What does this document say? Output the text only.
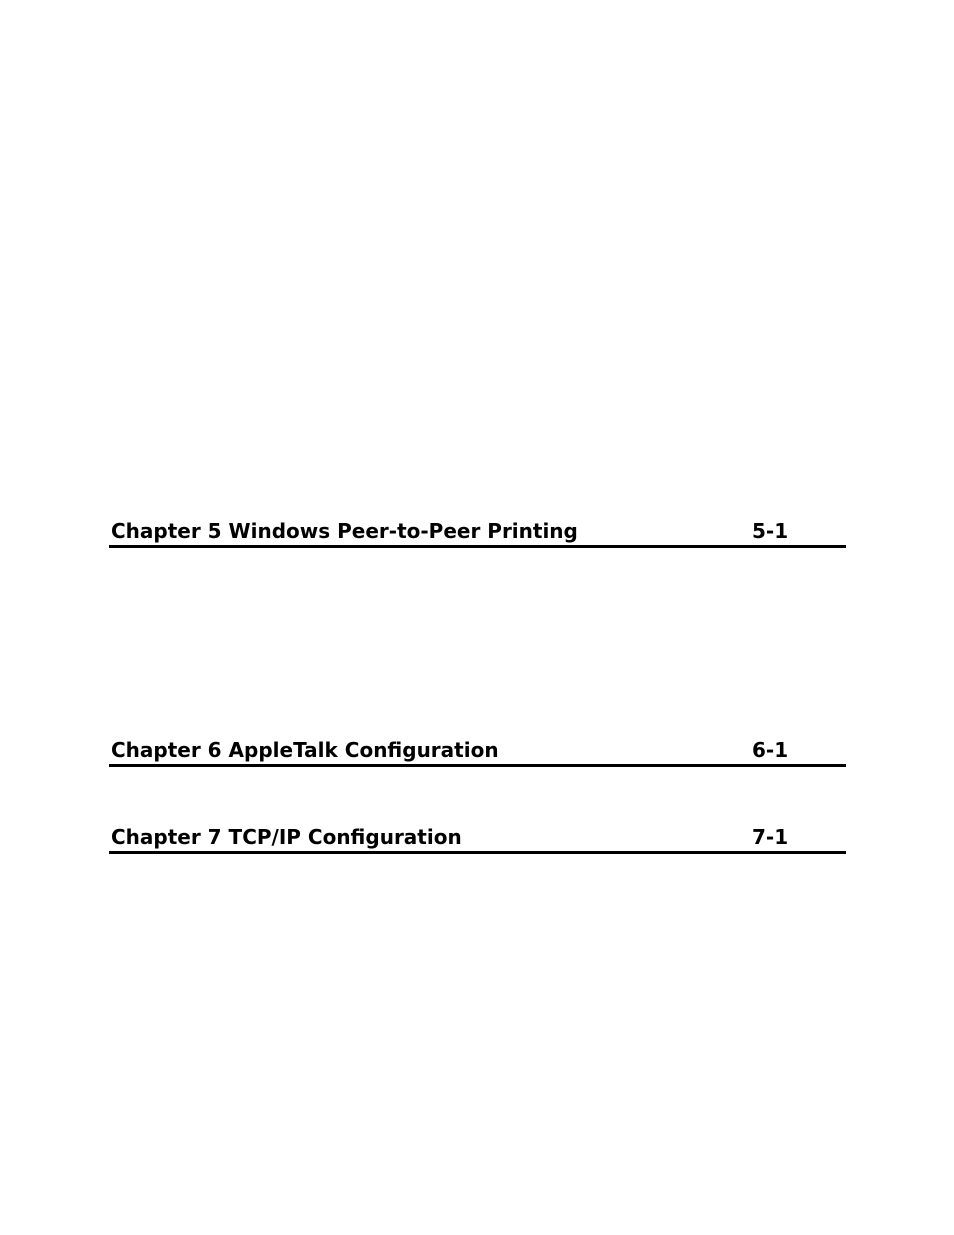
Chapter 5 Windows Peer-to-Peer Printing	5-1
Chapter 6 AppleTalk Configuration	6-1
Chapter 7 TCP/IP Configuration	7-1
